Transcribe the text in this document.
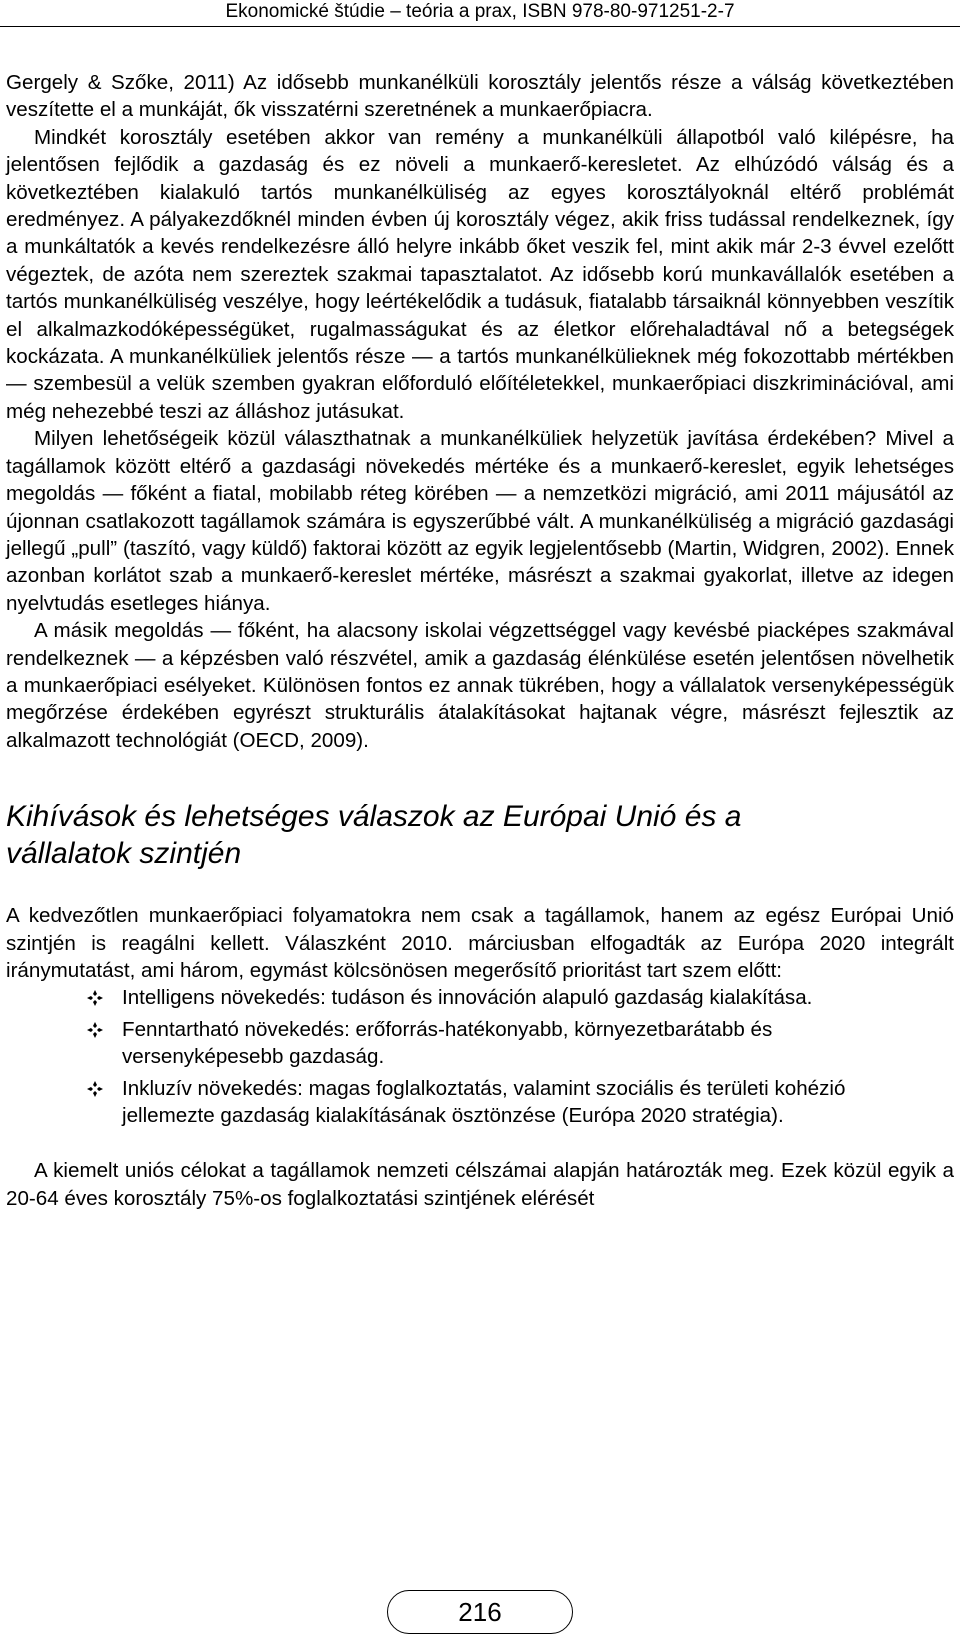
Ekonomické štúdie – teória a prax, ISBN 978-80-971251-2-7

Gergely & Szőke, 2011) Az idősebb munkanélküli korosztály jelentős része a válság következtében veszítette el a munkáját, ők visszatérni szeretnének a munkaerőpiacra.

Mindkét korosztály esetében akkor van remény a munkanélküli állapotból való kilépésre, ha jelentősen fejlődik a gazdaság és ez növeli a munkaerő-keresletet. Az elhúzódó válság és a következtében kialakuló tartós munkanélküliség az egyes korosztályoknál eltérő problémát eredményez. A pályakezdőknél minden évben új korosztály végez, akik friss tudással rendelkeznek, így a munkáltatók a kevés rendelkezésre álló helyre inkább őket veszik fel, mint akik már 2-3 évvel ezelőtt végeztek, de azóta nem szereztek szakmai tapasztalatot. Az idősebb korú munkavállalók esetében a tartós munkanélküliség veszélye, hogy leértékelődik a tudásuk, fiatalabb társaiknál könnyebben veszítik el alkalmazkodóképességüket, rugalmasságukat és az életkor előrehaladtával nő a betegségek kockázata. A munkanélküliek jelentős része — a tartós munkanélkülieknek még fokozottabb mértékben — szembesül a velük szemben gyakran előforduló előítéletekkel, munkaerőpiaci diszkriminációval, ami még nehezebbé teszi az álláshoz jutásukat.

Milyen lehetőségeik közül választhatnak a munkanélküliek helyzetük javítása érdekében? Mivel a tagállamok között eltérő a gazdasági növekedés mértéke és a munkaerő-kereslet, egyik lehetséges megoldás — főként a fiatal, mobilabb réteg körében — a nemzetközi migráció, ami 2011 májusától az újonnan csatlakozott tagállamok számára is egyszerűbbé vált. A munkanélküliség a migráció gazdasági jellegű „pull” (taszító, vagy küldő) faktorai között az egyik legjelentősebb (Martin, Widgren, 2002). Ennek azonban korlátot szab a munkaerő-kereslet mértéke, másrészt a szakmai gyakorlat, illetve az idegen nyelvtudás esetleges hiánya.

A másik megoldás — főként, ha alacsony iskolai végzettséggel vagy kevésbé piacképes szakmával rendelkeznek — a képzésben való részvétel, amik a gazdaság élénkülése esetén jelentősen növelhetik a munkaerőpiaci esélyeket. Különösen fontos ez annak tükrében, hogy a vállalatok versenyképességük megőrzése érdekében egyrészt strukturális átalakításokat hajtanak végre, másrészt fejlesztik az alkalmazott technológiát (OECD, 2009).

Kihívások és lehetséges válaszok az Európai Unió és a vállalatok szintjén

A kedvezőtlen munkaerőpiaci folyamatokra nem csak a tagállamok, hanem az egész Európai Unió szintjén is reagálni kellett. Válaszként 2010. márciusban elfogadták az Európa 2020 integrált iránymutatást, ami három, egymást kölcsönösen megerősítő prioritást tart szem előtt:

Intelligens növekedés: tudáson és innováción alapuló gazdaság kialakítása.
Fenntartható növekedés: erőforrás-hatékonyabb, környezetbarátabb és versenyképesebb gazdaság.
Inkluzív növekedés: magas foglalkoztatás, valamint szociális és területi kohézió jellemezte gazdaság kialakításának ösztönzése (Európa 2020 stratégia).

A kiemelt uniós célokat a tagállamok nemzeti célszámai alapján határozták meg. Ezek közül egyik a 20-64 éves korosztály 75%-os foglalkoztatási szintjének elérését

216
